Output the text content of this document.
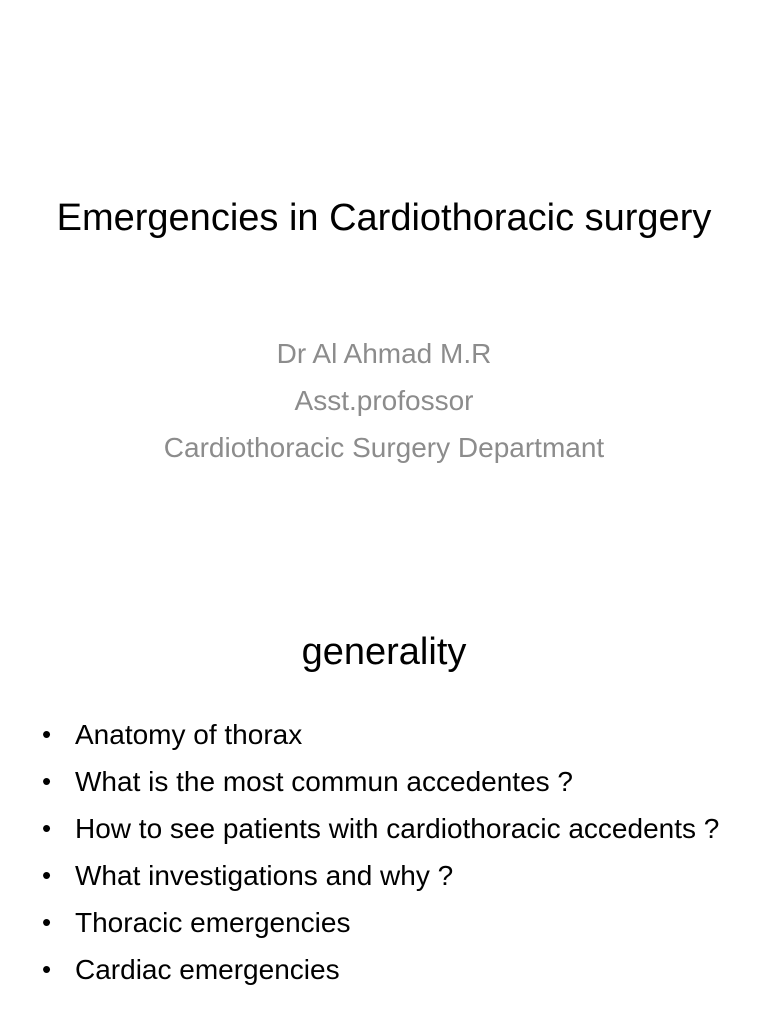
Emergencies in Cardiothoracic surgery
Dr Al Ahmad M.R
Asst.profossor
Cardiothoracic Surgery Departmant
generality
• Anatomy of thorax
• What is the most commun accedentes ?
• How to see patients with cardiothoracic accedents ?
• What investigations and why ?
• Thoracic emergencies
• Cardiac emergencies
